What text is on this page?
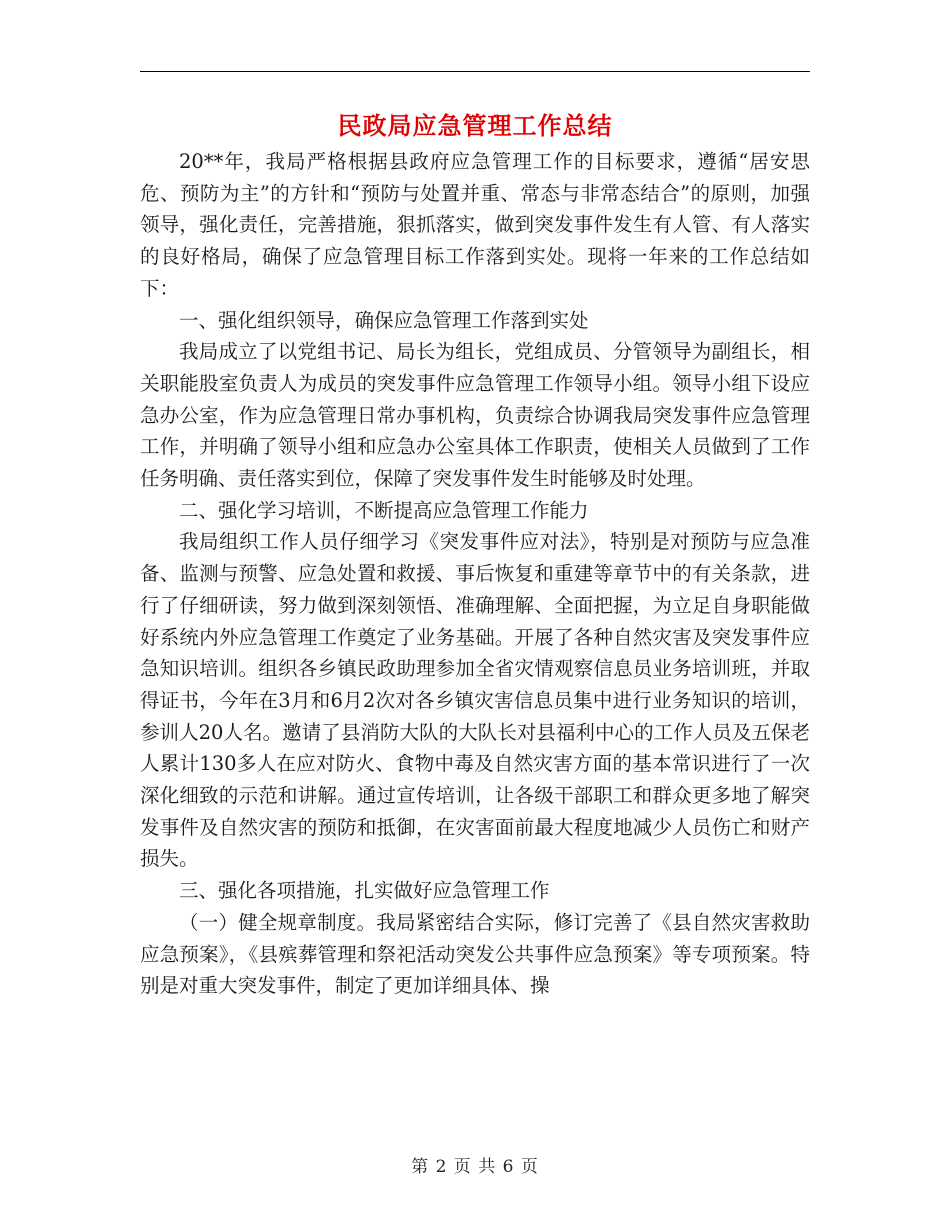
民政局应急管理工作总结

20**年，我局严格根据县政府应急管理工作的目标要求，遵循“居安思危、预防为主”的方针和“预防与处置并重、常态与非常态结合”的原则，加强领导，强化责任，完善措施，狠抓落实，做到突发事件发生有人管、有人落实的良好格局，确保了应急管理目标工作落到实处。现将一年来的工作总结如下：

一、强化组织领导，确保应急管理工作落到实处

我局成立了以党组书记、局长为组长，党组成员、分管领导为副组长，相关职能股室负责人为成员的突发事件应急管理工作领导小组。领导小组下设应急办公室，作为应急管理日常办事机构，负责综合协调我局突发事件应急管理工作，并明确了领导小组和应急办公室具体工作职责，使相关人员做到了工作任务明确、责任落实到位，保障了突发事件发生时能够及时处理。

二、强化学习培训，不断提高应急管理工作能力

我局组织工作人员仔细学习《突发事件应对法》，特别是对预防与应急准备、监测与预警、应急处置和救援、事后恢复和重建等章节中的有关条款，进行了仔细研读，努力做到深刻领悟、准确理解、全面把握，为立足自身职能做好系统内外应急管理工作奠定了业务基础。开展了各种自然灾害及突发事件应急知识培训。组织各乡镇民政助理参加全省灾情观察信息员业务培训班，并取得证书，今年在3月和6月2次对各乡镇灾害信息员集中进行业务知识的培训，参训人20人名。邀请了县消防大队的大队长对县福利中心的工作人员及五保老人累计130多人在应对防火、食物中毒及自然灾害方面的基本常识进行了一次深化细致的示范和讲解。通过宣传培训，让各级干部职工和群众更多地了解突发事件及自然灾害的预防和抵御，在灾害面前最大程度地减少人员伤亡和财产损失。

三、强化各项措施，扎实做好应急管理工作

（一）健全规章制度。我局紧密结合实际，修订完善了《县自然灾害救助应急预案》，《县殡葬管理和祭祀活动突发公共事件应急预案》等专项预案。特别是对重大突发事件，制定了更加详细具体、操

第 2 页 共 6 页
